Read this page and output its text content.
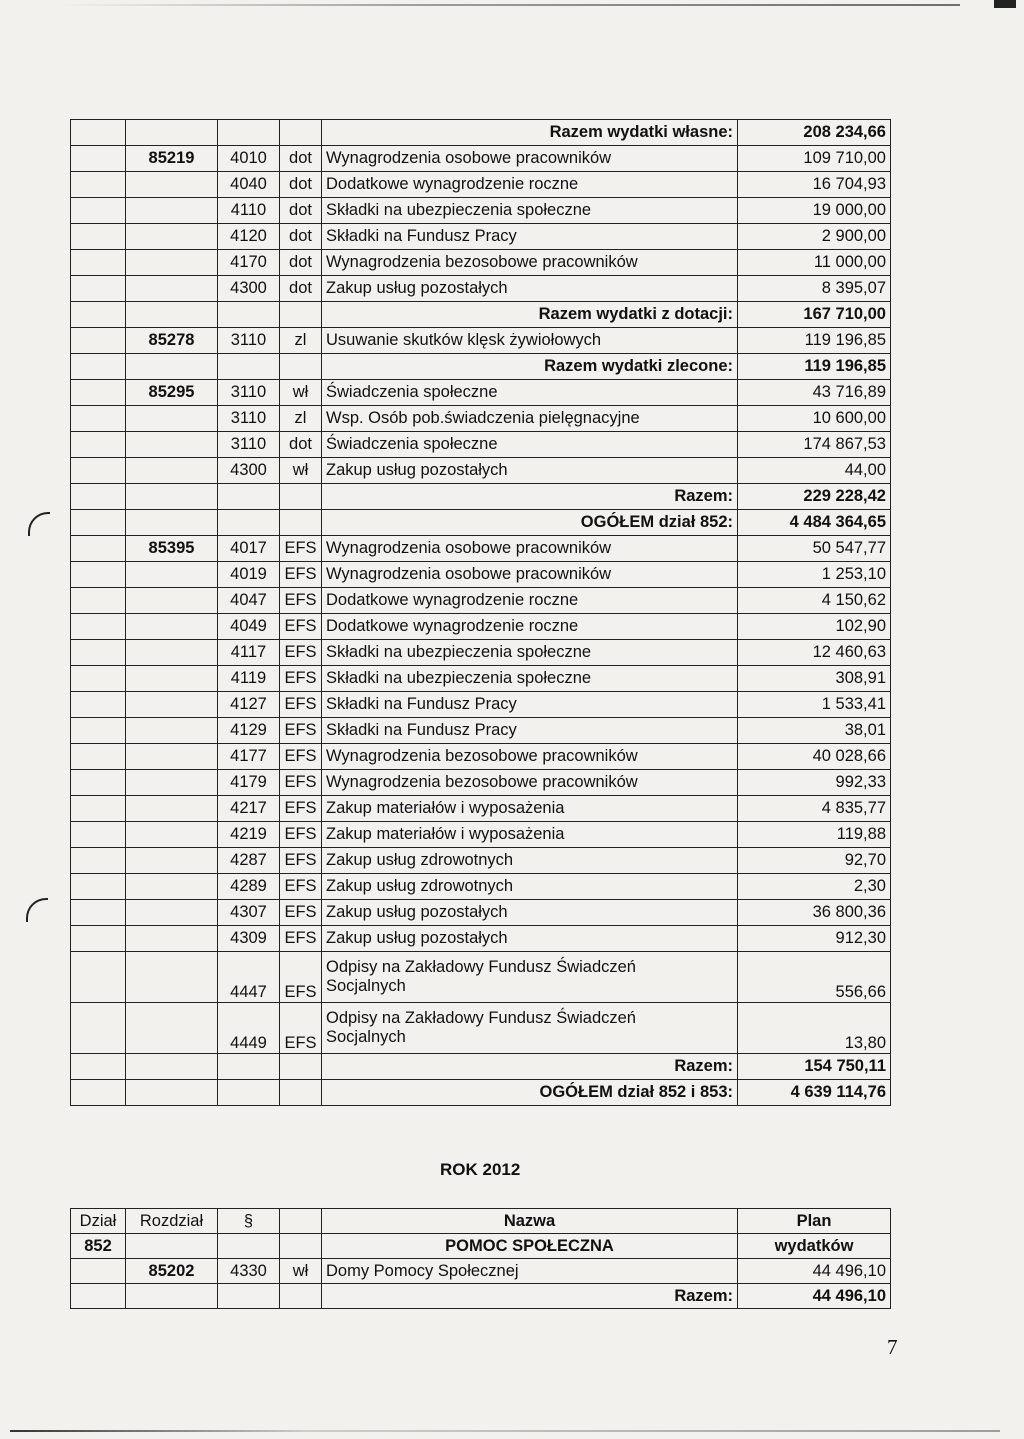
				Razem wydatki własne:	208 234,66
	85219	4010	dot	Wynagrodzenia osobowe pracowników	109 710,00
		4040	dot	Dodatkowe wynagrodzenie roczne	16 704,93
		4110	dot	Składki na ubezpieczenia społeczne	19 000,00
		4120	dot	Składki na Fundusz Pracy	2 900,00
		4170	dot	Wynagrodzenia bezosobowe pracowników	11 000,00
		4300	dot	Zakup usług pozostałych	8 395,07
				Razem wydatki z dotacji:	167 710,00
	85278	3110	zl	Usuwanie skutków klęsk żywiołowych	119 196,85
				Razem wydatki zlecone:	119 196,85
	85295	3110	wł	Świadczenia społeczne	43 716,89
		3110	zl	Wsp. Osób pob.świadczenia pielęgnacyjne	10 600,00
		3110	dot	Świadczenia społeczne	174 867,53
		4300	wł	Zakup usług pozostałych	44,00
				Razem:	229 228,42
				OGÓŁEM dział 852:	4 484 364,65
	85395	4017	EFS	Wynagrodzenia osobowe pracowników	50 547,77
		4019	EFS	Wynagrodzenia osobowe pracowników	1 253,10
		4047	EFS	Dodatkowe wynagrodzenie roczne	4 150,62
		4049	EFS	Dodatkowe wynagrodzenie roczne	102,90
		4117	EFS	Składki na ubezpieczenia społeczne	12 460,63
		4119	EFS	Składki na ubezpieczenia społeczne	308,91
		4127	EFS	Składki na Fundusz Pracy	1 533,41
		4129	EFS	Składki na Fundusz Pracy	38,01
		4177	EFS	Wynagrodzenia bezosobowe pracowników	40 028,66
		4179	EFS	Wynagrodzenia bezosobowe pracowników	992,33
		4217	EFS	Zakup materiałów i wyposażenia	4 835,77
		4219	EFS	Zakup materiałów i wyposażenia	119,88
		4287	EFS	Zakup usług zdrowotnych	92,70
		4289	EFS	Zakup usług zdrowotnych	2,30
		4307	EFS	Zakup usług pozostałych	36 800,36
		4309	EFS	Zakup usług pozostałych	912,30
		4447	EFS	Odpisy na Zakładowy Fundusz Świadczeń
Socjalnych	556,66
		4449	EFS	Odpisy na Zakładowy Fundusz Świadczeń
Socjalnych	13,80
				Razem:	154 750,11
				OGÓŁEM dział 852 i 853:	4 639 114,76
ROK 2012
Dział	Rozdział	§		Nazwa	Plan
852				POMOC SPOŁECZNA	wydatków
	85202	4330	wł	Domy Pomocy Społecznej	44 496,10
				Razem:	44 496,10
7
